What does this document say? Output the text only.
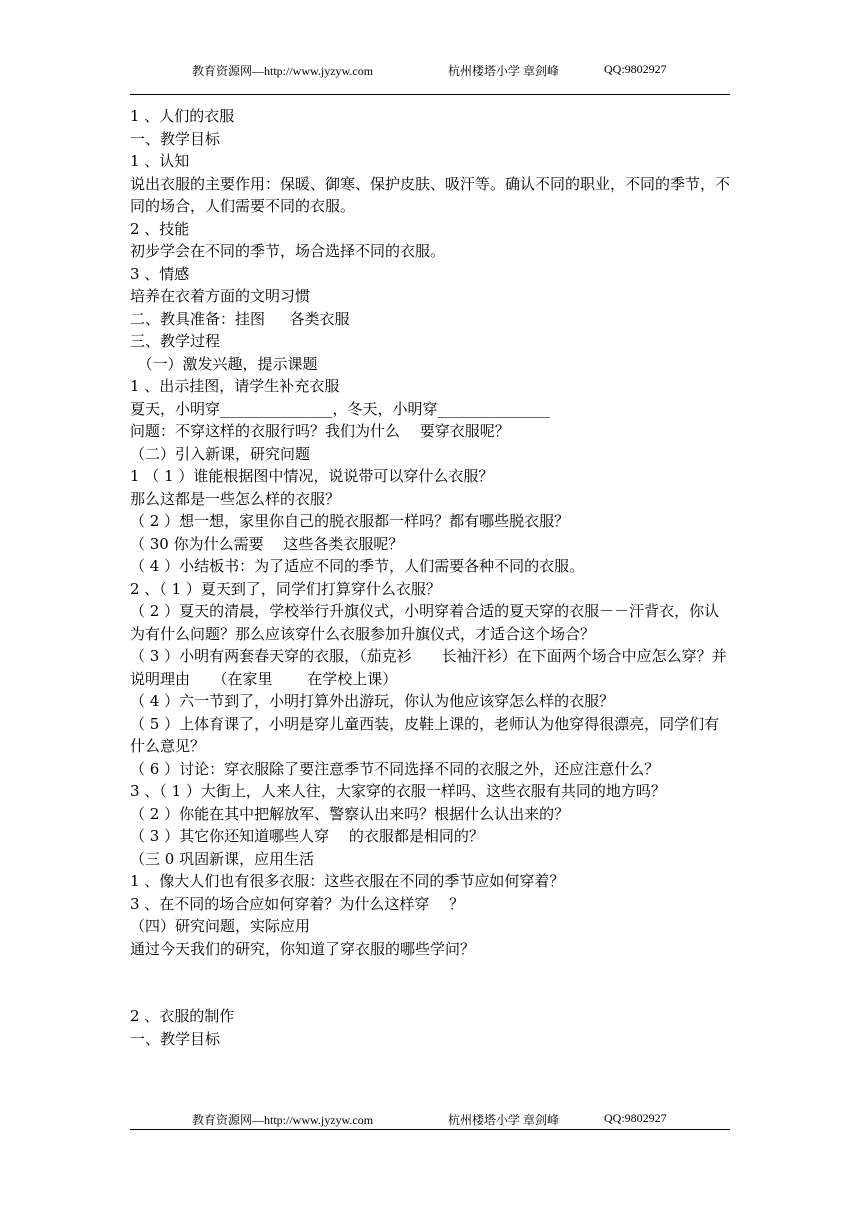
教育资源网—http://www.jyzyw.com	杭州楼塔小学 章剑峰	QQ:9802927

1 、人们的衣服

一、教学目标

1 、认知

说出衣服的主要作用：保暖、御寒、保护皮肤、吸汗等。确认不同的职业，不同的季节，不同的场合，人们需要不同的衣服。

2 、技能

初步学会在不同的季节，场合选择不同的衣服。

3 、情感

培养在衣着方面的文明习惯

二、教具准备：挂图　  各类衣服

三、教学过程

　（一）激发兴趣，提示课题

1 、出示挂图，请学生补充衣服

夏天，小明穿_______________，冬天，小明穿_______________

问题：不穿这样的衣服行吗？我们为什么　 要穿衣服呢？

（二）引入新课，研究问题

1 （ 1 ）谁能根据图中情况，说说带可以穿什么衣服？

那么这都是一些怎么样的衣服？

（ 2 ）想一想，家里你自己的脱衣服都一样吗？都有哪些脱衣服？

（ 30 你为什么需要　 这些各类衣服呢？

（ 4 ）小结板书：为了适应不同的季节，人们需要各种不同的衣服。

2 、（ 1 ）夏天到了，同学们打算穿什么衣服？

（ 2 ）夏天的清晨，学校举行升旗仪式，小明穿着合适的夏天穿的衣服－－汗背衣，你认为有什么问题？那么应该穿什么衣服参加升旗仪式，才适合这个场合？

（ 3 ）小明有两套春天穿的衣服，（茄克衫　　长袖汗衫）在下面两个场合中应怎么穿？并说明理由　　（在家里　　 在学校上课）

（ 4 ）六一节到了，小明打算外出游玩，你认为他应该穿怎么样的衣服？

（ 5 ）上体育课了，小明是穿儿童西装，皮鞋上课的，老师认为他穿得很漂亮，同学们有什么意见？

（ 6 ）讨论：穿衣服除了要注意季节不同选择不同的衣服之外，还应注意什么？

3 、（ 1 ）大街上，人来人往，大家穿的衣服一样吗、这些衣服有共同的地方吗？

（ 2 ）你能在其中把解放军、警察认出来吗？根据什么认出来的？

（ 3 ）其它你还知道哪些人穿　 的衣服都是相同的？

（三 0 巩固新课，应用生活

1 、像大人们也有很多衣服：这些衣服在不同的季节应如何穿着？

3 、在不同的场合应如何穿着？为什么这样穿　 ？

（四）研究问题，实际应用

通过今天我们的研究，你知道了穿衣服的哪些学问？

2 、衣服的制作

一、教学目标

教育资源网—http://www.jyzyw.com	杭州楼塔小学 章剑峰	QQ:9802927
